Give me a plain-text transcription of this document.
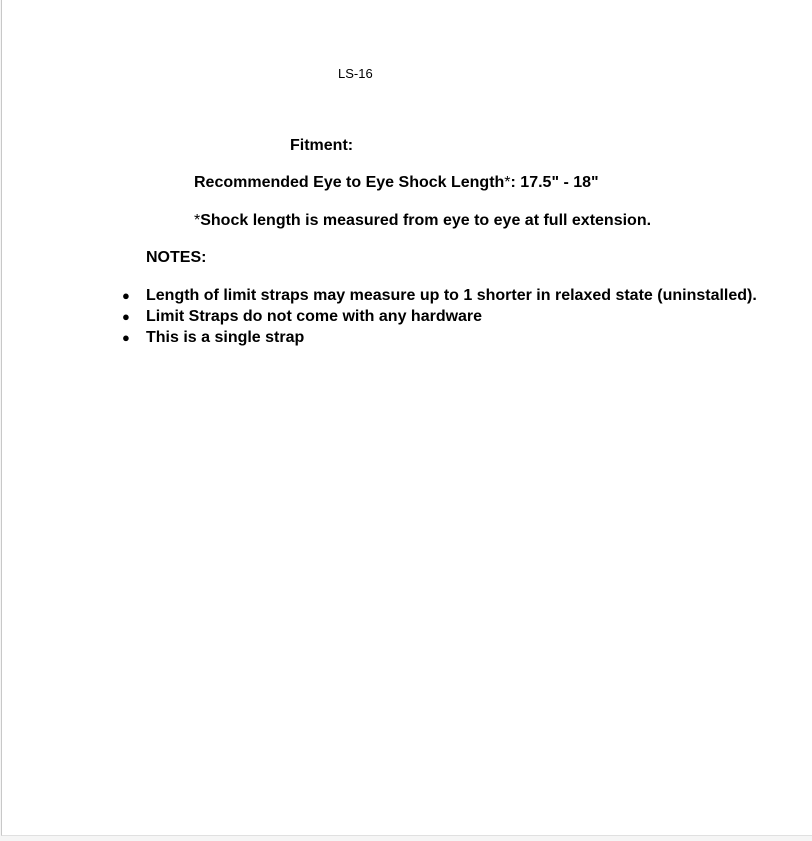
LS-16
Fitment:
Recommended Eye to Eye Shock Length*: 17.5" - 18"
*Shock length is measured from eye to eye at full extension.
NOTES:
● Length of limit straps may measure up to 1 shorter in relaxed state (uninstalled).
● Limit Straps do not come with any hardware
● This is a single strap
